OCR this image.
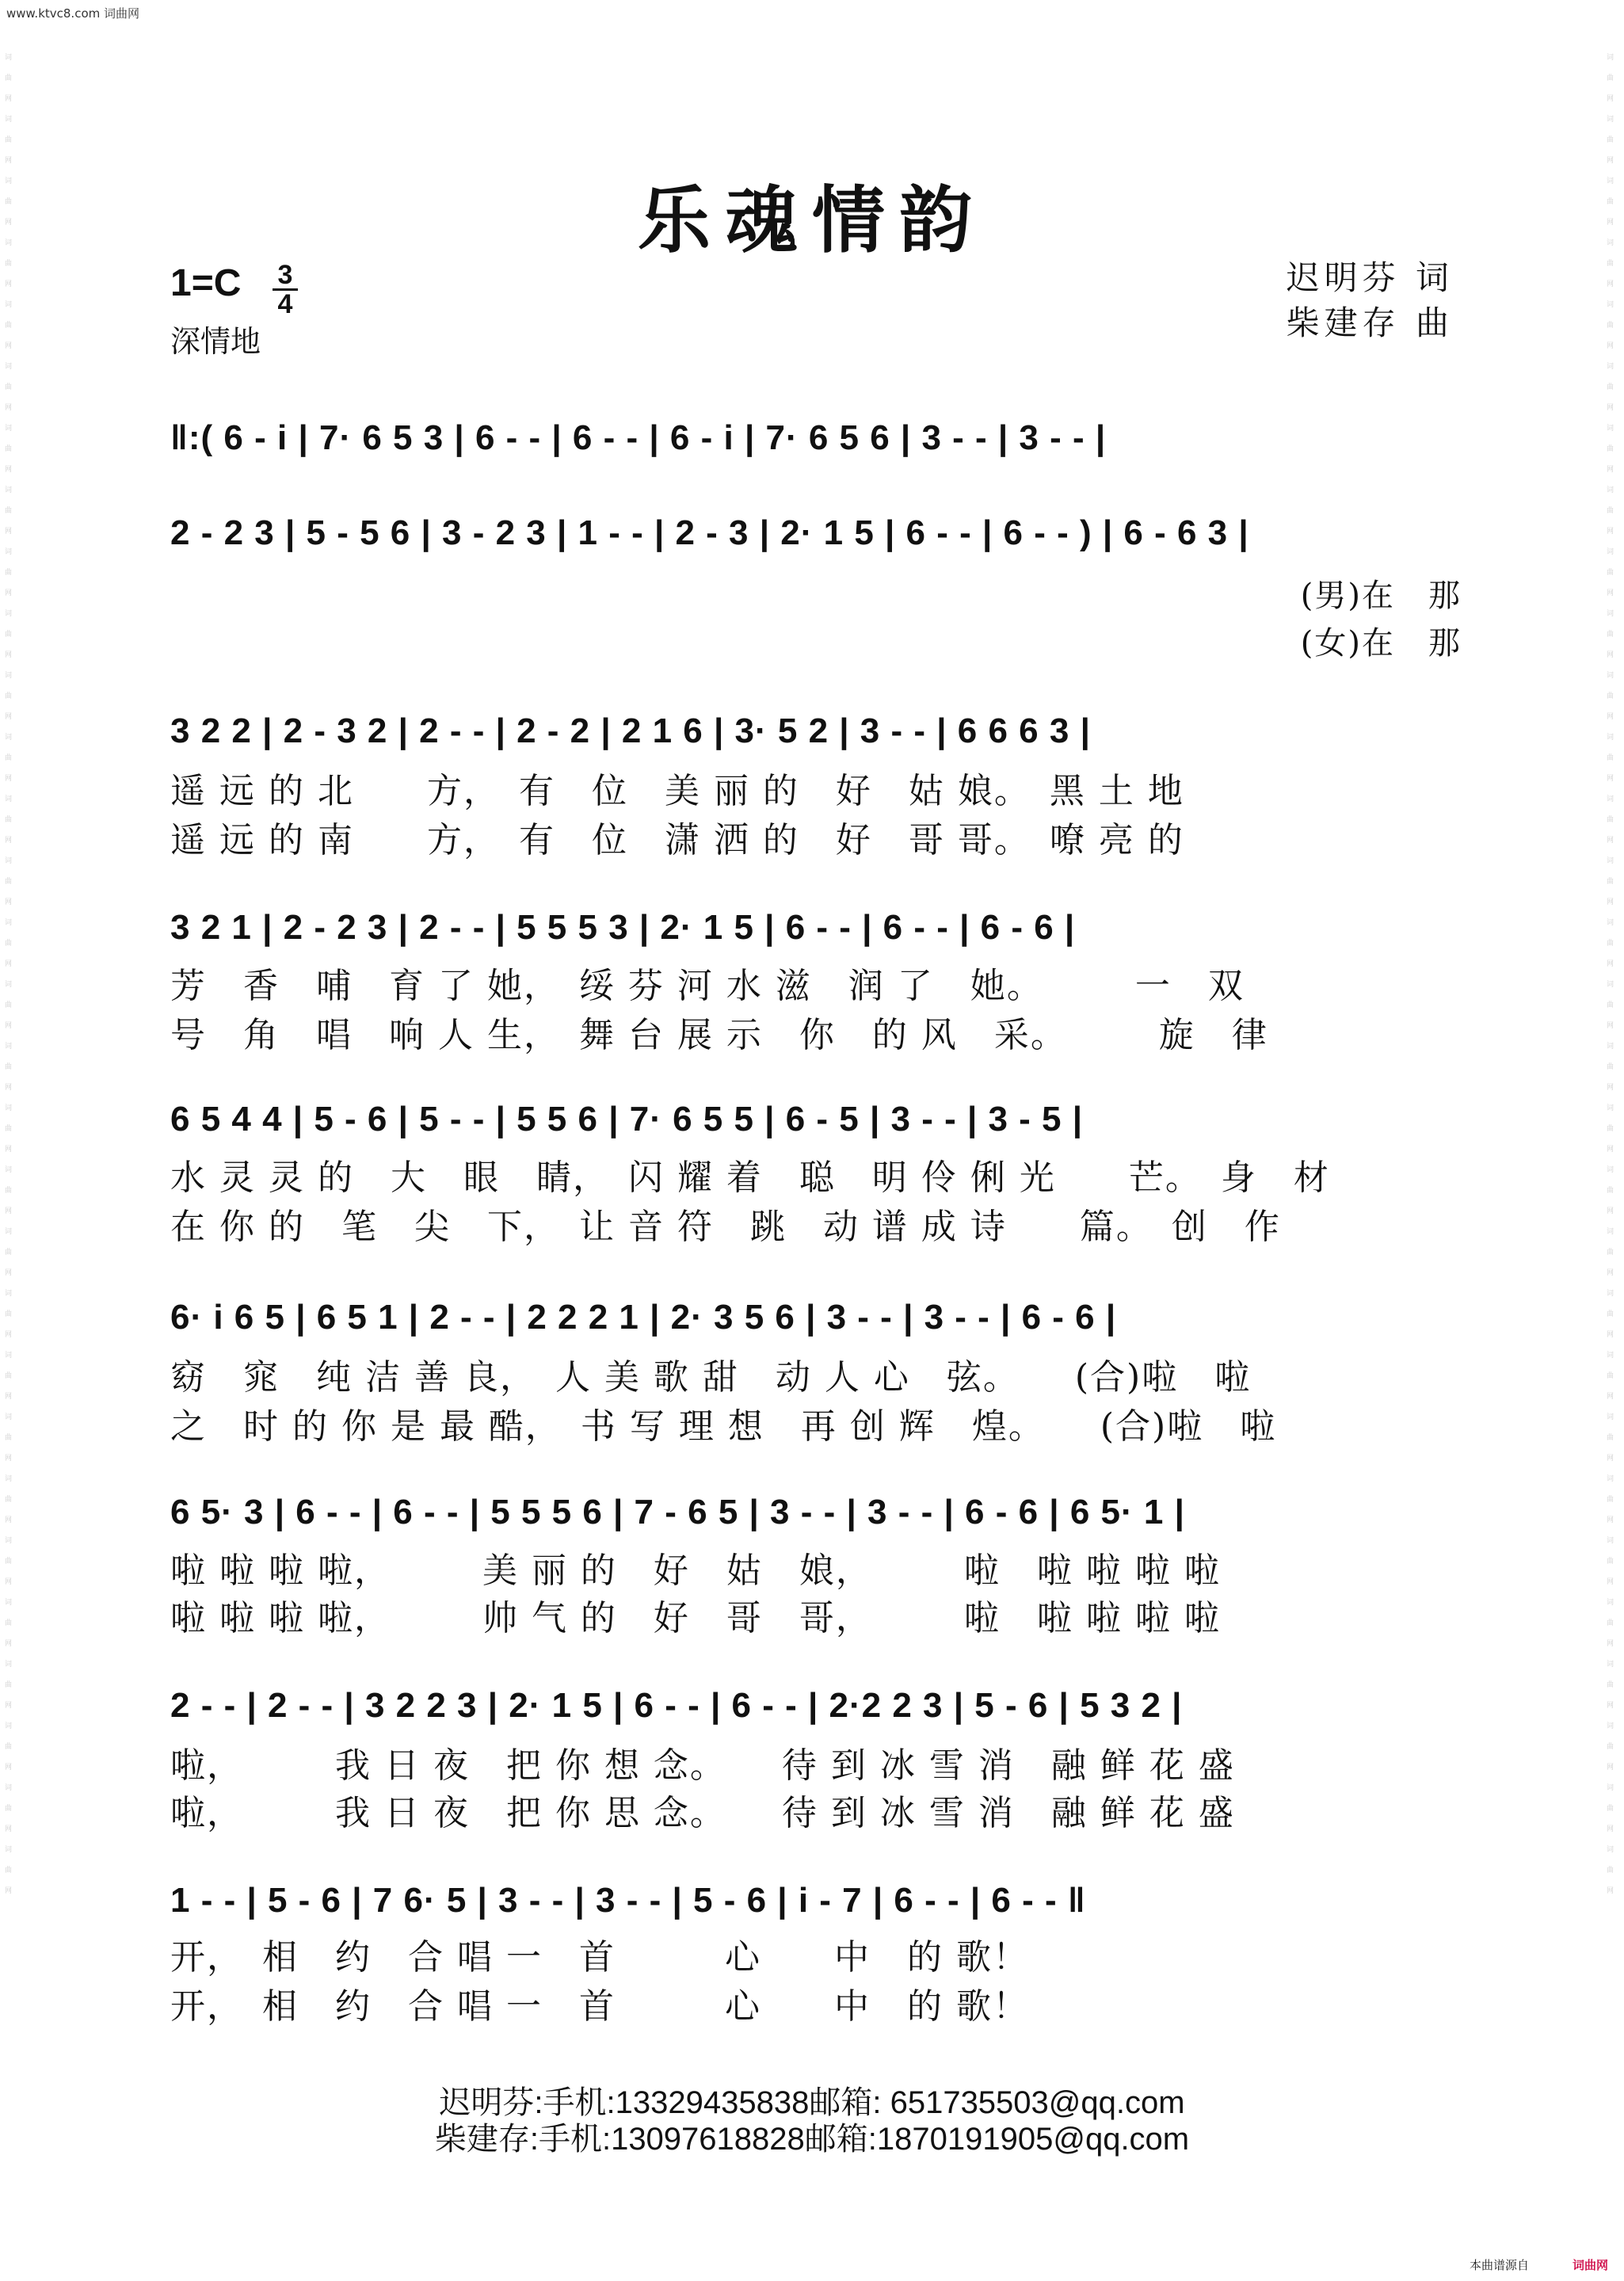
www.ktvc8.com 词曲网
词曲网词曲网词曲网词曲网词曲网词曲网词曲网词曲网词曲网词曲网词曲网词曲网词曲网词曲网词曲网词曲网词曲网词曲网词曲网词曲网词曲网词曲网词曲网词曲网词曲网词曲网词曲网词曲网词曲网词曲网
词曲网词曲网词曲网词曲网词曲网词曲网词曲网词曲网词曲网词曲网词曲网词曲网词曲网词曲网词曲网词曲网词曲网词曲网词曲网词曲网词曲网词曲网词曲网词曲网词曲网词曲网词曲网词曲网词曲网词曲网
乐魂情韵
1=C	3
4
深情地
迟明芬 词
柴建存 曲
‖:( 6 - i | 7· 6 5 3 | 6 - - | 6 - - | 6 - i | 7· 6 5 6 | 3 - - | 3 - - |
2 - 2 3 | 5 - 5 6 | 3 - 2 3 | 1 - - | 2 - 3 | 2· 1 5 | 6 - - | 6 - - ) | 6 - 6 3 |
(男)在　那
(女)在　那
3 2 2 | 2 - 3 2 | 2 - - | 2 - 2 | 2 1 6 | 3· 5 2 | 3 - - | 6 6 6 3 |
遥 远 的 北　　方，　有　位　美 丽 的　好　姑 娘。　黑 土 地
遥 远 的 南　　方，　有　位　潇 洒 的　好　哥 哥。　嘹 亮 的
3 2 1 | 2 - 2 3 | 2 - - | 5 5 5 3 | 2· 1 5 | 6 - - | 6 - - | 6 - 6 |
芳　香　哺　育 了 她，　绥 芬 河 水 滋　润 了　她。　　　一　双
号　角　唱　响 人 生，　舞 台 展 示　你　的 风　采。　　　旋　律
6 5 4 4 | 5 - 6 | 5 - - | 5 5 6 | 7· 6 5 5 | 6 - 5 | 3 - - | 3 - 5 |
水 灵 灵 的　大　眼　睛，　闪 耀 着　聪　明 伶 俐 光　　芒。　身　材
在 你 的　笔　尖　下，　让 音 符　跳　动 谱 成 诗　　篇。　创　作
6· i 6 5 | 6 5 1 | 2 - - | 2 2 2 1 | 2· 3 5 6 | 3 - - | 3 - - | 6 - 6 |
窈　窕　纯 洁 善 良，　人 美 歌 甜　动 人 心　弦。　　(合)啦　啦
之　时 的 你 是 最 酷，　书 写 理 想　再 创 辉　煌。　　(合)啦　啦
6 5· 3 | 6 - - | 6 - - | 5 5 5 6 | 7 - 6 5 | 3 - - | 3 - - | 6 - 6 | 6 5· 1 |
啦 啦 啦 啦，　　　美 丽 的　好　姑　娘，　　　啦　啦 啦 啦 啦
啦 啦 啦 啦，　　　帅 气 的　好　哥　哥，　　　啦　啦 啦 啦 啦
2 - - | 2 - - | 3 2 2 3 | 2· 1 5 | 6 - - | 6 - - | 2·2 2 3 | 5 - 6 | 5 3 2 |
啦，　　　我 日 夜　把 你 想 念。　　待 到 冰 雪 消　融 鲜 花 盛
啦，　　　我 日 夜　把 你 思 念。　　待 到 冰 雪 消　融 鲜 花 盛
1 - - | 5 - 6 | 7 6· 5 | 3 - - | 3 - - | 5 - 6 | i - 7 | 6 - - | 6 - - ‖
开，　相　约　合 唱 一　首　　　心　　中　的 歌！
开，　相　约　合 唱 一　首　　　心　　中　的 歌！
迟明芬:手机:13329435838邮箱: 651735503@qq.com
柴建存:手机:13097618828邮箱:1870191905@qq.com
本曲谱源自	词曲网
